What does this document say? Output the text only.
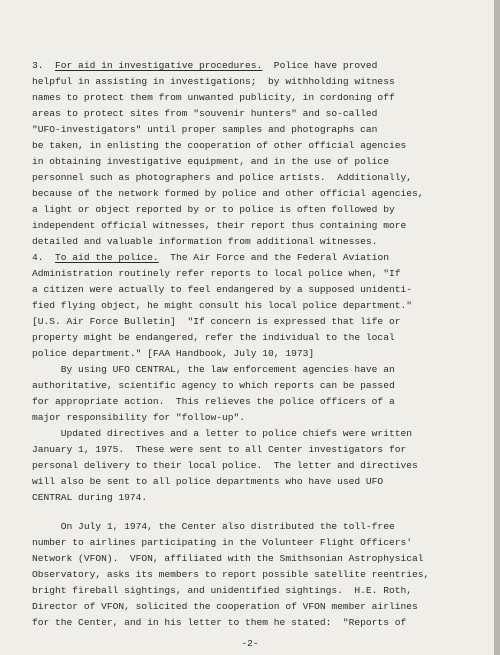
3.  For aid in investigative procedures.  Police have proved
helpful in assisting in investigations;  by withholding witness
names to protect them from unwanted publicity, in cordoning off
areas to protect sites from "souvenir hunters" and so-called
"UFO-investigators" until proper samples and photographs can
be taken, in enlisting the cooperation of other official agencies
in obtaining investigative equipment, and in the use of police
personnel such as photographers and police artists.  Additionally,
because of the network formed by police and other official agencies,
a light or object reported by or to police is often followed by
independent official witnesses, their report thus containing more
detailed and valuable information from additional witnesses.
4.  To aid the police.  The Air Force and the Federal Aviation
Administration routinely refer reports to local police when, "If
a citizen were actually to feel endangered by a supposed unidenti-
fied flying object, he might consult his local police department."
[U.S. Air Force Bulletin]  "If concern is expressed that life or
property might be endangered, refer the individual to the local
police department." [FAA Handbook, July 10, 1973]
By using UFO CENTRAL, the law enforcement agencies have an
authoritative, scientific agency to which reports can be passed
for appropriate action.  This relieves the police officers of a
major responsibility for "follow-up".
Updated directives and a letter to police chiefs were written
January 1, 1975.  These were sent to all Center investigators for
personal delivery to their local police.  The letter and directives
will also be sent to all police departments who have used UFO
CENTRAL during 1974.
On July 1, 1974, the Center also distributed the toll-free
number to airlines participating in the Volunteer Flight Officers'
Network (VFON).  VFON, affiliated with the Smithsonian Astrophysical
Observatory, asks its members to report possible satellite reentries,
bright fireball sightings, and unidentified sightings.  H.E. Roth,
Director of VFON, solicited the cooperation of VFON member airlines
for the Center, and in his letter to them he stated:  "Reports of
-2-
